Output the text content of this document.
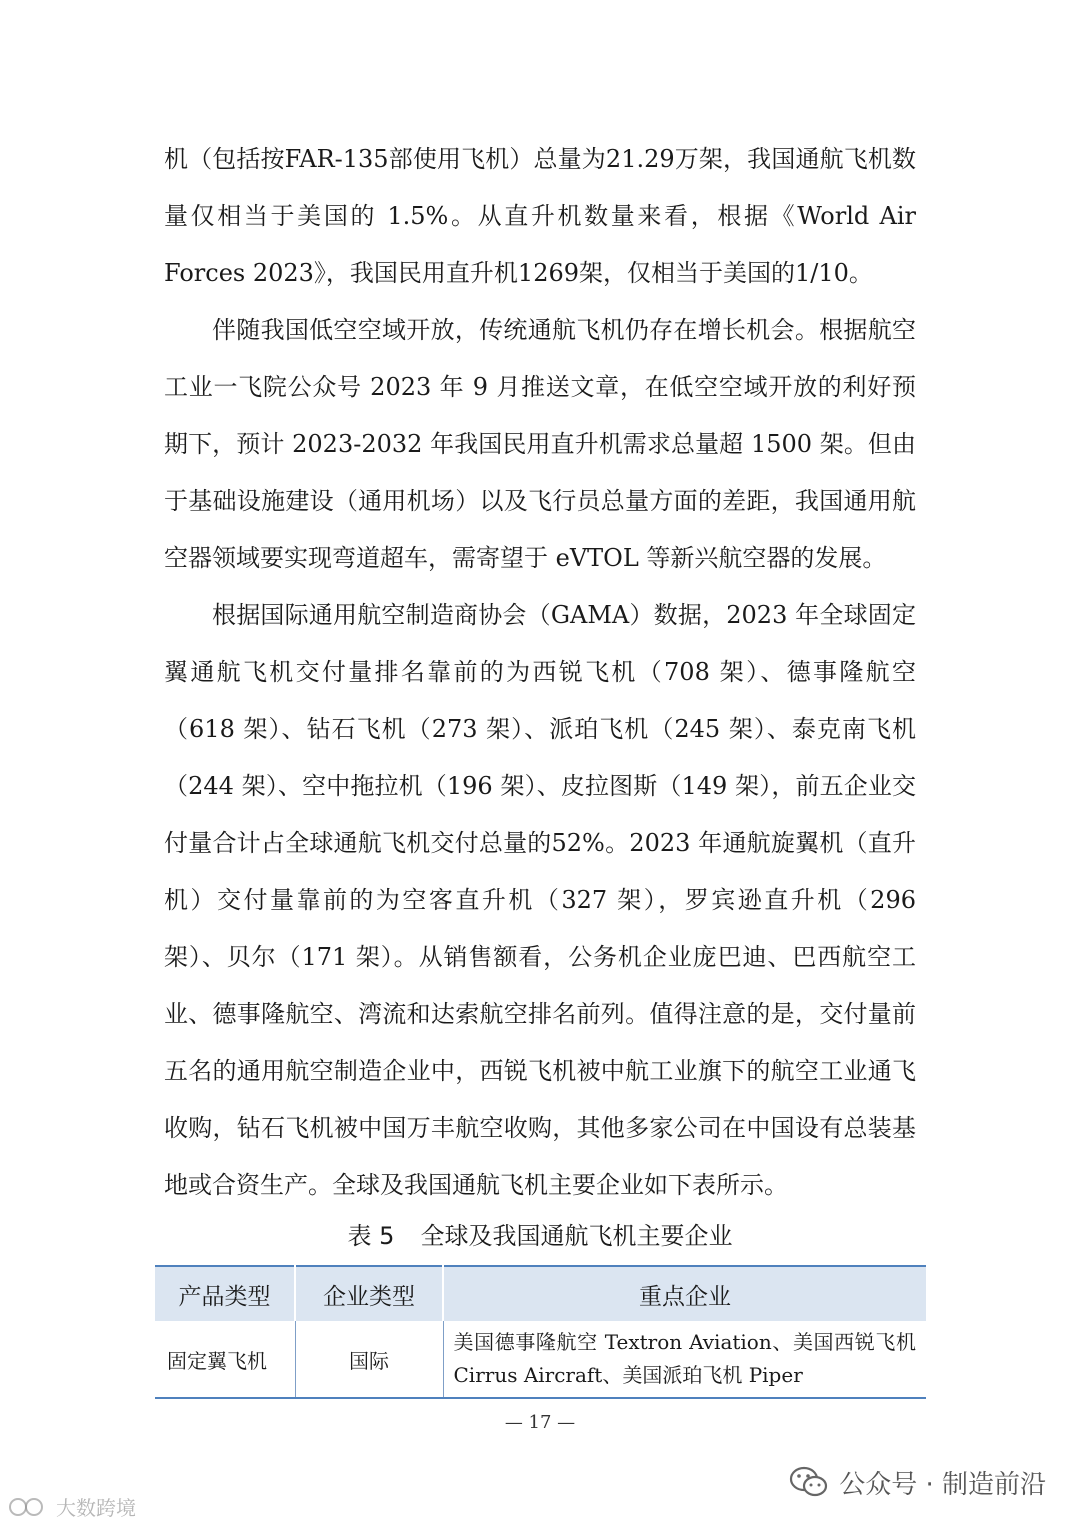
机（包括按FAR-135部使用飞机）总量为21.29万架，我国通航飞机数量仅相当于美国的 1.5%。从直升机数量来看，根据《World Air Forces 2023》，我国民用直升机1269架，仅相当于美国的1/10。

伴随我国低空空域开放，传统通航飞机仍存在增长机会。根据航空工业一飞院公众号 2023 年 9 月推送文章，在低空空域开放的利好预期下，预计 2023-2032 年我国民用直升机需求总量超 1500 架。但由于基础设施建设（通用机场）以及飞行员总量方面的差距，我国通用航空器领域要实现弯道超车，需寄望于 eVTOL 等新兴航空器的发展。

根据国际通用航空制造商协会（GAMA）数据，2023 年全球固定翼通航飞机交付量排名靠前的为西锐飞机（708 架）、德事隆航空（618 架）、钻石飞机（273 架）、派珀飞机（245 架）、泰克南飞机（244 架）、空中拖拉机（196 架）、皮拉图斯（149 架），前五企业交付量合计占全球通航飞机交付总量的52%。2023 年通航旋翼机（直升机）交付量靠前的为空客直升机（327 架），罗宾逊直升机（296 架）、贝尔（171 架）。从销售额看，公务机企业庞巴迪、巴西航空工业、德事隆航空、湾流和达索航空排名前列。值得注意的是，交付量前五名的通用航空制造企业中，西锐飞机被中航工业旗下的航空工业通飞收购，钻石飞机被中国万丰航空收购，其他多家公司在中国设有总装基地或合资生产。全球及我国通航飞机主要企业如下表所示。

表 5 全球及我国通航飞机主要企业
产品类型	企业类型	重点企业
固定翼飞机	国际	美国德事隆航空 Textron Aviation、美国西锐飞机 Cirrus Aircraft、美国派珀飞机 Piper
— 17 —
公众号 · 制造前沿
大数跨境
